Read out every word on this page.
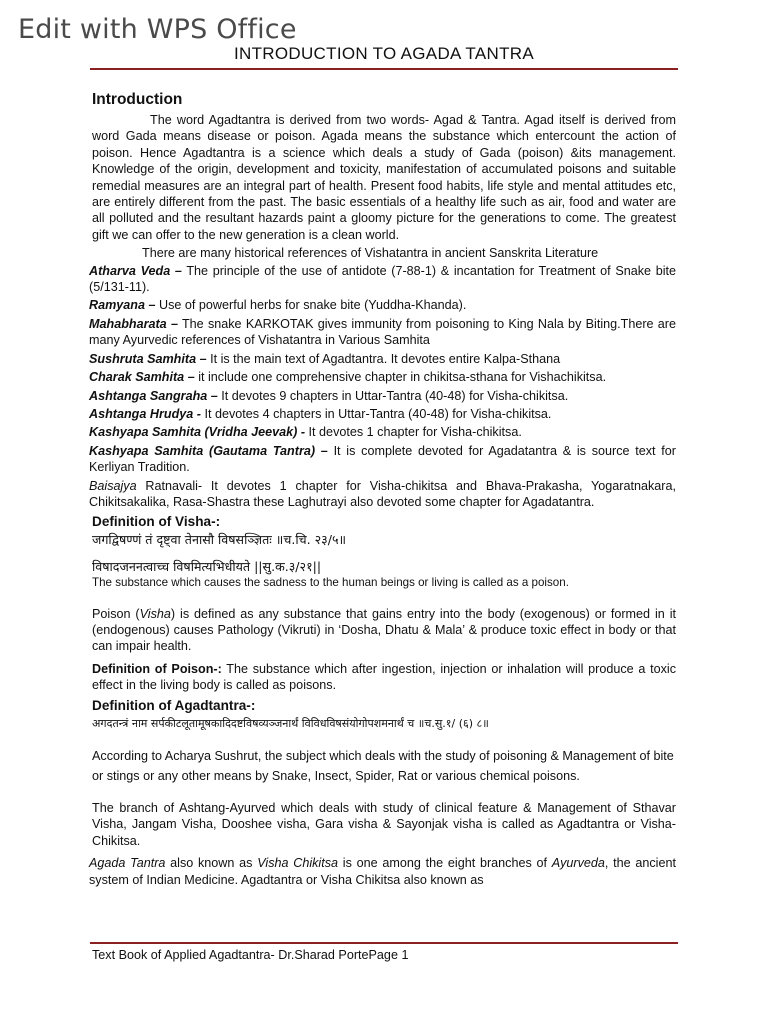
Edit with WPS Office
INTRODUCTION TO AGADA TANTRA
Introduction

The word Agadtantra is derived from two words- Agad & Tantra. Agad itself is derived from word Gada means disease or poison. Agada means the substance which entercount the action of poison. Hence Agadtantra is a science which deals a study of Gada (poison) &its management. Knowledge of the origin, development and toxicity, manifestation of accumulated poisons and suitable remedial measures are an integral part of health. Present food habits, life style and mental attitudes etc, are entirely different from the past. The basic essentials of a healthy life such as air, food and water are all polluted and the resultant hazards paint a gloomy picture for the generations to come. The greatest gift we can offer to the new generation is a clean world.

There are many historical references of Vishatantra in ancient Sanskrita Literature

Atharva Veda – The principle of the use of antidote (7-88-1) & incantation for Treatment of Snake bite (5/131-11).

Ramyana – Use of powerful herbs for snake bite (Yuddha-Khanda).

Mahabharata – The snake KARKOTAK gives immunity from poisoning to King Nala by Biting.There are many Ayurvedic references of Vishatantra in Various Samhita

Sushruta Samhita – It is the main text of Agadtantra. It devotes entire Kalpa-Sthana

Charak Samhita – it include one comprehensive chapter in chikitsa-sthana for Vishachikitsa.

Ashtanga Sangraha – It devotes 9 chapters in Uttar-Tantra (40-48) for Visha-chikitsa.

Ashtanga Hrudya - It devotes 4 chapters in Uttar-Tantra (40-48) for Visha-chikitsa.

Kashyapa Samhita (Vridha Jeevak) - It devotes 1 chapter for Visha-chikitsa.

Kashyapa Samhita (Gautama Tantra) – It is complete devoted for Agadatantra & is source text for Kerliyan Tradition.

Baisajya Ratnavali- It devotes 1 chapter for Visha-chikitsa and Bhava-Prakasha, Yogaratnakara, Chikitsakalika, Rasa-Shastra these Laghutrayi also devoted some chapter for Agadatantra.

Definition of Visha-:

जगद्विषण्णं तं दृष्ट्वा तेनासौ विषसञ्ज्ञितः ॥च.चि. २३/५॥

विषादजननत्वाच्च विषमित्यभिधीयते ||सु.क.३/२१||

The substance which causes the sadness to the human beings or living is called as a poison.

Poison (Visha) is defined as any substance that gains entry into the body (exogenous) or formed in it (endogenous) causes Pathology (Vikruti) in ‘Dosha, Dhatu & Mala’ & produce toxic effect in body or that can impair health.

Definition of Poison-: The substance which after ingestion, injection or inhalation will produce a toxic effect in the living body is called as poisons.

Definition of Agadtantra-:

अगदतन्त्रं नाम सर्पकीटलूतामूषकादिदष्टविषव्यञ्जनार्थं विविधविषसंयोगोपशमनार्थं च ॥च.सु.१/ (६) ८॥

According to Acharya Sushrut, the subject which deals with the study of poisoning & Management of bite or stings or any other means by Snake, Insect, Spider, Rat or various chemical poisons.

The branch of Ashtang-Ayurved which deals with study of clinical feature & Management of Sthavar Visha, Jangam Visha, Dooshee visha, Gara visha & Sayonjak visha is called as Agadtantra or Visha-Chikitsa.

Agada Tantra also known as Visha Chikitsa is one among the eight branches of Ayurveda, the ancient system of Indian Medicine. Agadtantra or Visha Chikitsa also known as

Text Book of Applied Agadtantra- Dr.Sharad PortePage 1
